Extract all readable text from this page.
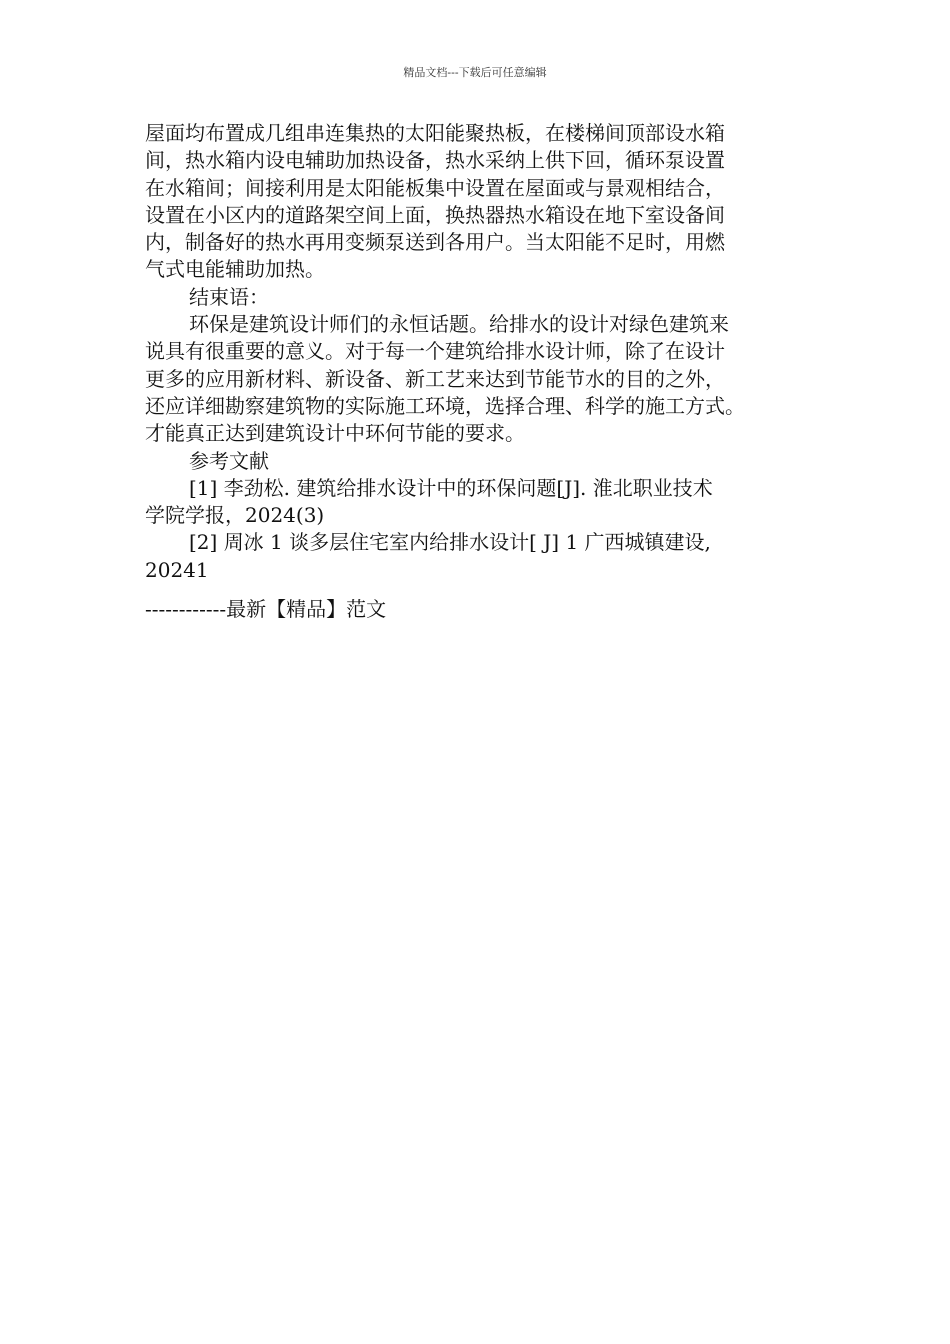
精品文档---下载后可任意编辑
屋面均布置成几组串连集热的太阳能聚热板，在楼梯间顶部设水箱
间，热水箱内设电辅助加热设备，热水采纳上供下回，循环泵设置
在水箱间；间接利用是太阳能板集中设置在屋面或与景观相结合，
设置在小区内的道路架空间上面，换热器热水箱设在地下室设备间
内，制备好的热水再用变频泵送到各用户。当太阳能不足时，用燃
气式电能辅助加热。
结束语：
环保是建筑设计师们的永恒话题。给排水的设计对绿色建筑来
说具有很重要的意义。对于每一个建筑给排水设计师，除了在设计
更多的应用新材料、新设备、新工艺来达到节能节水的目的之外，
还应详细勘察建筑物的实际施工环境，选择合理、科学的施工方式。
才能真正达到建筑设计中环何节能的要求。
参考文献
[1] 李劲松. 建筑给排水设计中的环保问题[J]. 淮北职业技术
学院学报，2024(3)
[2] 周冰 1 谈多层住宅室内给排水设计[ J] 1 广西城镇建设,
20241
------------最新【精品】范文
